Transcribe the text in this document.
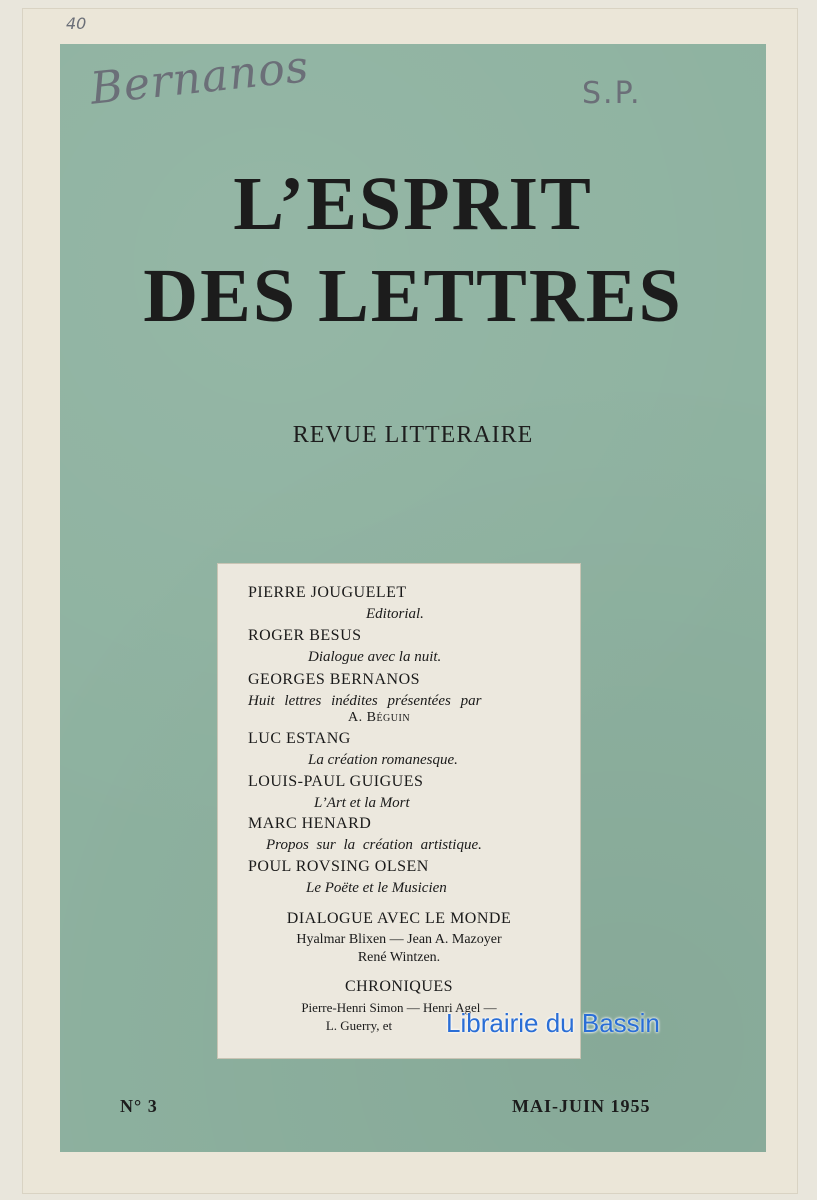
40
Bernanos	S.P.
L’ESPRIT
DES LETTRES
REVUE LITTERAIRE
PIERRE JOUGUELET
Editorial.
ROGER BESUS
Dialogue avec la nuit.
GEORGES BERNANOS
Huit lettres inédites présentées par
A. Béguin
LUC ESTANG
La création romanesque.
LOUIS-PAUL GUIGUES
L’Art et la Mort
MARC HENARD
Propos sur la création artistique.
POUL ROVSING OLSEN
Le Poëte et le Musicien
DIALOGUE AVEC LE MONDE
Hyalmar Blixen — Jean A. Mazoyer
René Wintzen.
CHRONIQUES
Pierre-Henri Simon — Henri Agel —
L. Guerry, et
N° 3	MAI-JUIN 1955
Librairie du Bassin
